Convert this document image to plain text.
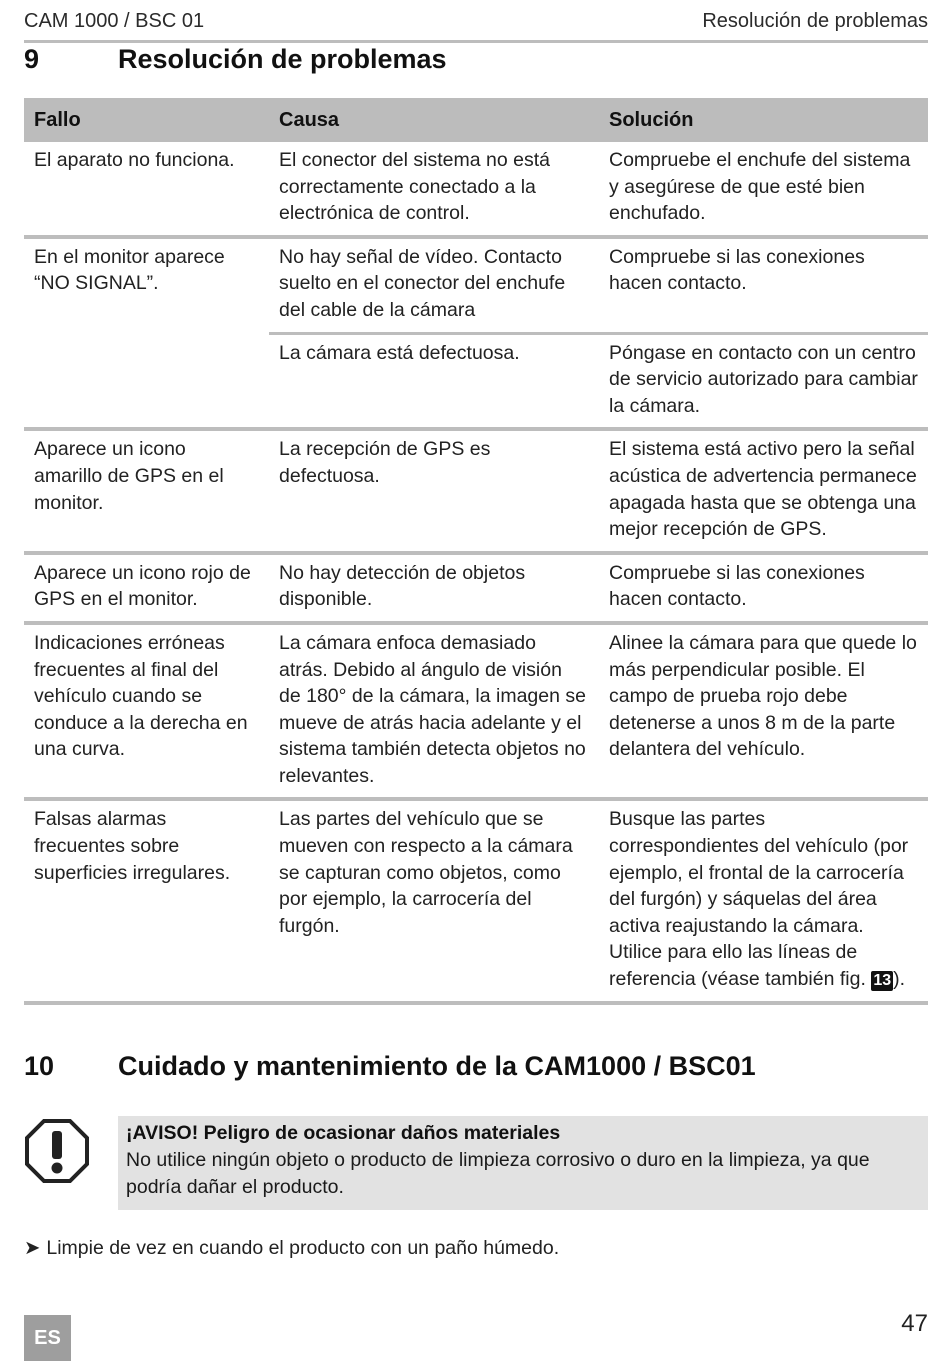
CAM 1000 / BSC 01	Resolución de problemas
9	Resolución de problemas
Fallo	Causa	Solución
El aparato no funciona.	El conector del sistema no está correctamente conectado a la electrónica de control.	Compruebe el enchufe del sistema y asegúrese de que esté bien enchufado.
En el monitor aparece “NO SIGNAL”.	No hay señal de vídeo. Contacto suelto en el conector del enchufe del cable de la cámara	Compruebe si las conexiones hacen contacto.
	La cámara está defectuosa.	Póngase en contacto con un centro de servicio autorizado para cambiar la cámara.
Aparece un icono amarillo de GPS en el monitor.	La recepción de GPS es defectuosa.	El sistema está activo pero la señal acústica de advertencia permanece apagada hasta que se obtenga una mejor recepción de GPS.
Aparece un icono rojo de GPS en el monitor.	No hay detección de objetos disponible.	Compruebe si las conexiones hacen contacto.
Indicaciones erróneas frecuentes al final del vehículo cuando se conduce a la derecha en una curva.	La cámara enfoca demasiado atrás. Debido al ángulo de visión de 180° de la cámara, la imagen se mueve de atrás hacia adelante y el sistema también detecta objetos no relevantes.	Alinee la cámara para que quede lo más perpendicular posible. El campo de prueba rojo debe detenerse a unos 8 m de la parte delantera del vehículo.
Falsas alarmas frecuentes sobre superficies irregulares.	Las partes del vehículo que se mueven con respecto a la cámara se capturan como objetos, como por ejemplo, la carrocería del furgón.	Busque las partes correspondientes del vehículo (por ejemplo, el frontal de la carrocería del furgón) y sáquelas del área activa reajustando la cámara. Utilice para ello las líneas de referencia (véase también fig. 13 ).
10 Cuidado y mantenimiento de la CAM1000 / BSC01
¡AVISO! Peligro de ocasionar daños materiales
No utilice ningún objeto o producto de limpieza corrosivo o duro en la limpieza, ya que podría dañar el producto.
➤ Limpie de vez en cuando el producto con un paño húmedo.
ES
47
